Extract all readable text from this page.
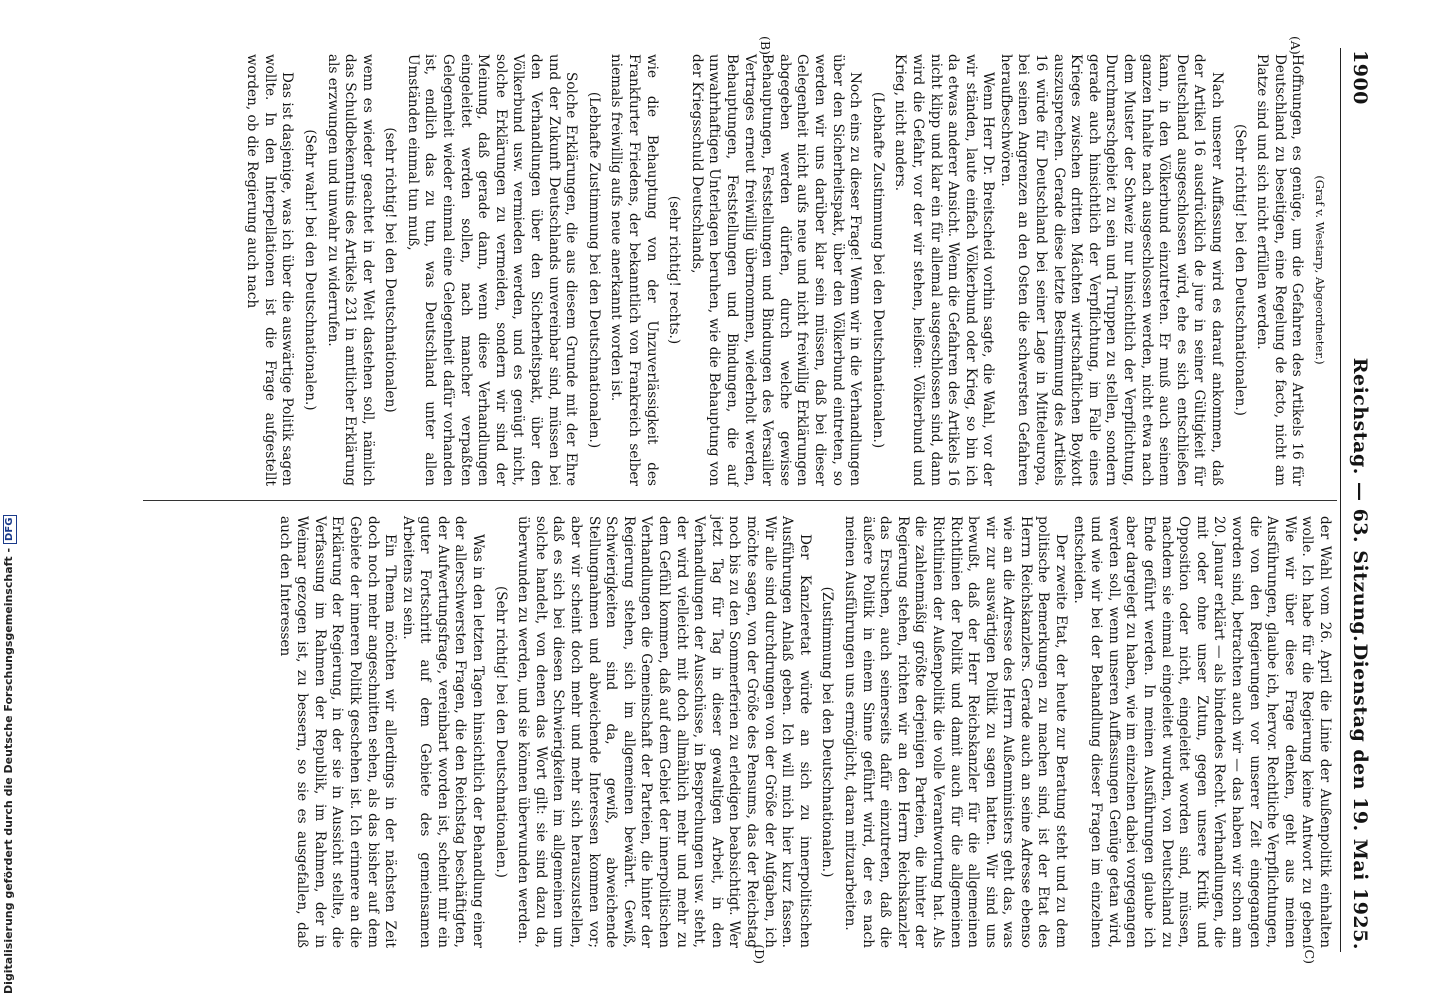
1900
Reichstag. — 63. Sitzung.
Dienstag den 19. Mai 1925.
(A)
(B)
(C)
(D)

(Graf v. Westarp, Abgeordneter.)

Hoffnungen, es genüge, um die Gefahren des Artikels 16 für Deutschland zu beseitigen, eine Regelung de facto, nicht am Platze sind und sich nicht erfüllen werden.

(Sehr richtig! bei den Deutschnationalen.)

Nach unserer Auffassung wird es darauf ankommen, daß der Artikel 16 ausdrücklich de jure in seiner Gültigkeit für Deutschland ausgeschlossen wird, ehe es sich entschließen kann, in den Völkerbund einzutreten. Er muß auch seinem ganzen Inhalte nach ausgeschlossen werden, nicht etwa nach dem Muster der Schweiz nur hinsichtlich der Verpflichtung, Durchmarschgebiet zu sein und Truppen zu stellen, sondern gerade auch hinsichtlich der Verpflichtung, im Falle eines Krieges zwischen dritten Mächten wirtschaftlichen Boykott auszusprechen. Gerade diese letzte Bestimmung des Artikels 16 würde für Deutschland bei seiner Lage in Mitteleuropa, bei seinen Angrenzen an den Osten die schwersten Gefahren heraufbeschwören.

Wenn Herr Dr. Breitscheid vorhin sagte, die Wahl, vor der wir ständen, laute einfach Völkerbund oder Krieg, so bin ich da etwas anderer Ansicht. Wenn die Gefahren des Artikels 16 nicht klipp und klar ein für allemal ausgeschlossen sind, dann wird die Gefahr, vor der wir stehen, heißen: Völkerbund und Krieg, nicht anders.

(Lebhafte Zustimmung bei den Deutschnationalen.)

Noch eins zu dieser Frage! Wenn wir in die Verhandlungen über den Sicherheitspakt, über den Völkerbund eintreten, so werden wir uns darüber klar sein müssen, daß bei dieser Gelegenheit nicht aufs neue und nicht freiwillig Erklärungen abgegeben werden dürfen, durch welche gewisse Behauptungen, Feststellungen und Bindungen des Versailler Vertrages erneut freiwillig übernommen, wiederholt werden, Behauptungen, Feststellungen und Bindungen, die auf unwahrhaftigen Unterlagen beruhen, wie die Behauptung von der Kriegsschuld Deutschlands,

(sehr richtig! rechts.)

wie die Behauptung von der Unzuverlässigkeit des Frankfurter Friedens, der bekanntlich von Frankreich selber niemals freiwillig aufs neue anerkannt worden ist.

(Lebhafte Zustimmung bei den Deutschnationalen.)

Solche Erklärungen, die aus diesem Grunde mit der Ehre und der Zukunft Deutschlands unvereinbar sind, müssen bei den Verhandlungen über den Sicherheitspakt, über den Völkerbund usw. vermieden werden, und es genügt nicht, solche Erklärungen zu vermeiden, sondern wir sind der Meinung, daß gerade dann, wenn diese Verhandlungen eingeleitet werden sollen, nach mancher verpaßten Gelegenheit wieder einmal eine Gelegenheit dafür vorhanden ist, endlich das zu tun, was Deutschland unter allen Umständen einmal tun muß,

(sehr richtig! bei den Deutschnationalen)

wenn es wieder geachtet in der Welt dastehen soll, nämlich das Schuldbekenntnis des Artikels 231 in amtlicher Erklärung als erzwungen und unwahr zu widerrufen.

(Sehr wahr! bei den Deutschnationalen.)

Das ist dasjenige, was ich über die auswärtige Politik sagen wollte. In den Interpellationen ist die Frage aufgestellt worden, ob die Regierung auch nach

der Wahl vom 26. April die Linie der Außenpolitik einhalten wolle. Ich habe für die Regierung keine Antwort zu geben. Wie wir über diese Frage denken, geht aus meinen Ausführungen, glaube ich, hervor. Rechtliche Verpflichtungen, die von den Regierungen vor unserer Zeit eingegangen worden sind, betrachten auch wir — das haben wir schon am 20. Januar erklärt — als bindendes Recht. Verhandlungen, die mit oder ohne unser Zutun, gegen unsere Kritik und Opposition oder nicht, eingeleitet worden sind, müssen, nachdem sie einmal eingeleitet wurden, von Deutschland zu Ende geführt werden. In meinen Ausführungen glaube ich aber dargelegt zu haben, wie im einzelnen dabei vorgegangen werden soll, wenn unseren Auffassungen Genüge getan wird, und wie wir bei der Behandlung dieser Fragen im einzelnen entscheiden.

Der zweite Etat, der heute zur Beratung steht und zu dem politische Bemerkungen zu machen sind, ist der Etat des Herrn Reichskanzlers. Gerade auch an seine Adresse ebenso wie an die Adresse des Herrn Außenministers geht das, was wir zur auswärtigen Politik zu sagen hatten. Wir sind uns bewußt, daß der Herr Reichskanzler für die allgemeinen Richtlinien der Politik und damit auch für die allgemeinen Richtlinien der Außenpolitik die volle Verantwortung hat. Als die zahlenmäßig größte derjenigen Parteien, die hinter der Regierung stehen, richten wir an den Herrn Reichskanzler das Ersuchen, auch seinerseits dafür einzutreten, daß die äußere Politik in einem Sinne geführt wird, der es nach meinen Ausführungen uns ermöglicht, daran mitzuarbeiten.

(Zustimmung bei den Deutschnationalen.)

Der Kanzleretat würde an sich zu innerpolitischen Ausführungen Anlaß geben. Ich will mich hier kurz fassen. Wir alle sind durchdrungen von der Größe der Aufgaben, ich möchte sagen, von der Größe des Pensums, das der Reichstag noch bis zu den Sommerferien zu erledigen beabsichtigt. Wer jetzt Tag für Tag in dieser gewaltigen Arbeit, in den Verhandlungen der Ausschüsse, in Besprechungen usw. steht, der wird vielleicht mit doch allmählich mehr und mehr zu dem Gefühl kommen, daß auf dem Gebiet der innerpolitischen Verhandlungen die Gemeinschaft der Parteien, die hinter der Regierung stehen, sich im allgemeinen bewährt. Gewiß, Schwierigkeiten sind da, gewiß, abweichende Stellungnahmen und abweichende Interessen kommen vor; aber wir scheint doch mehr und mehr sich herauszustellen, daß es sich bei diesen Schwierigkeiten im allgemeinen um solche handelt, von denen das Wort gilt: sie sind dazu da, überwunden zu werden, und sie können überwunden werden.

(Sehr richtig! bei den Deutschnationalen.)

Was in den letzten Tagen hinsichtlich der Behandlung einer der allerschwersten Fragen, die den Reichstag beschäftigten, der Aufwertungsfrage, vereinbart worden ist, scheint mir ein guter Fortschritt auf dem Gebiete des gemeinsamen Arbeitens zu sein.

Ein Thema möchten wir allerdings in der nächsten Zeit doch noch mehr angeschnitten sehen, als das bisher auf dem Gebiete der inneren Politik geschehen ist. Ich erinnere an die Erklärung der Regierung, in der sie in Aussicht stellte, die Verfassung im Rahmen der Republik, im Rahmen, der in Weimar gezogen ist, zu bessern, so sie es ausgefallen, daß auch den Interessen

Digitalisierung gefördert durch die Deutsche Forschungsgemeinschaft -DFG
